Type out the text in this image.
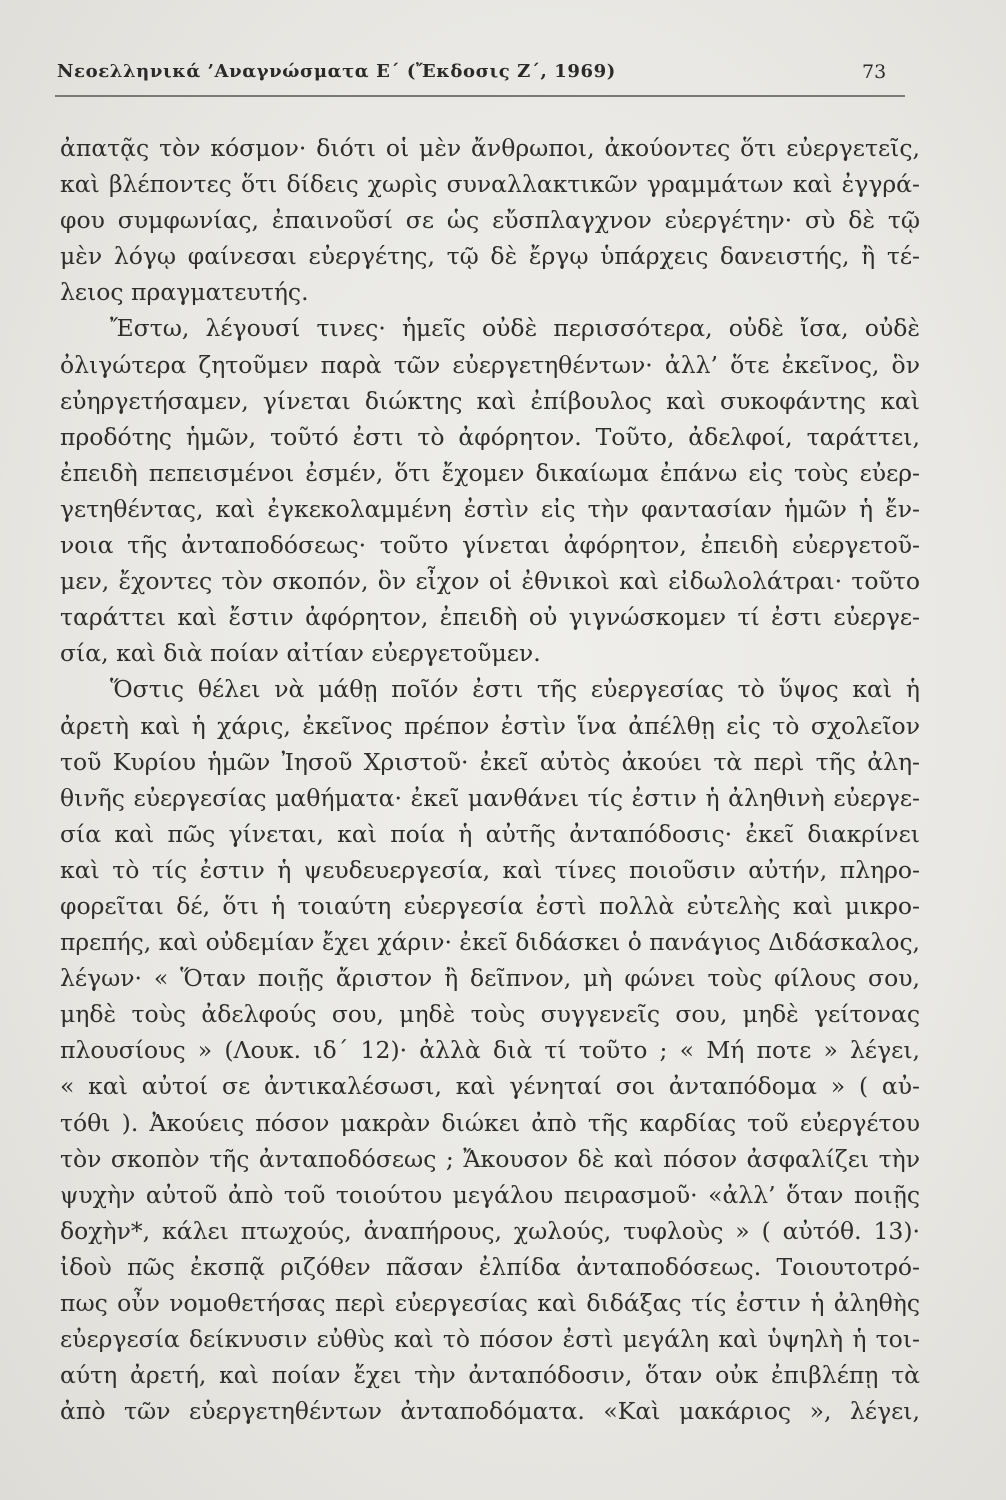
Νεοελληνικά ’Αναγνώσματα Ε΄ (Ἔκδοσις Ζ΄, 1969)	73
ἀπατᾷς τὸν κόσμον· διότι οἱ μὲν ἄνθρωποι, ἀκούοντες ὅτι εὐεργετεῖς,
καὶ βλέποντες ὅτι δίδεις χωρὶς συναλλακτικῶν γραμμάτων καὶ ἐγγρά-
φου συμφωνίας, ἐπαινοῦσί σε ὡς εὔσπλαγχνον εὐεργέτην· σὺ δὲ τῷ
μὲν λόγῳ φαίνεσαι εὐεργέτης, τῷ δὲ ἔργῳ ὑπάρχεις δανειστής, ἢ τέ-
λειος πραγματευτής.
Ἔστω, λέγουσί τινες· ἡμεῖς οὐδὲ περισσότερα, οὐδὲ ἴσα, οὐδὲ
ὀλιγώτερα ζητοῦμεν παρὰ τῶν εὐεργετηθέντων· ἀλλ’ ὅτε ἐκεῖνος, ὃν
εὐηργετήσαμεν, γίνεται διώκτης καὶ ἐπίβουλος καὶ συκοφάντης καὶ
προδότης ἡμῶν, τοῦτό ἐστι τὸ ἀφόρητον. Τοῦτο, ἀδελφοί, ταράττει,
ἐπειδὴ πεπεισμένοι ἐσμέν, ὅτι ἔχομεν δικαίωμα ἐπάνω εἰς τοὺς εὐερ-
γετηθέντας, καὶ ἐγκεκολαμμένη ἐστὶν εἰς τὴν φαντασίαν ἡμῶν ἡ ἔν-
νοια τῆς ἀνταποδόσεως· τοῦτο γίνεται ἀφόρητον, ἐπειδὴ εὐεργετοῦ-
μεν, ἔχοντες τὸν σκοπόν, ὃν εἶχον οἱ ἐθνικοὶ καὶ εἰδωλολάτραι· τοῦτο
ταράττει καὶ ἔστιν ἀφόρητον, ἐπειδὴ οὐ γιγνώσκομεν τί ἐστι εὐεργε-
σία, καὶ διὰ ποίαν αἰτίαν εὐεργετοῦμεν.
Ὅστις θέλει νὰ μάθῃ ποῖόν ἐστι τῆς εὐεργεσίας τὸ ὕψος καὶ ἡ
ἀρετὴ καὶ ἡ χάρις, ἐκεῖνος πρέπον ἐστὶν ἵνα ἀπέλθῃ εἰς τὸ σχολεῖον
τοῦ Κυρίου ἡμῶν Ἰησοῦ Χριστοῦ· ἐκεῖ αὐτὸς ἀκούει τὰ περὶ τῆς ἀλη-
θινῆς εὐεργεσίας μαθήματα· ἐκεῖ μανθάνει τίς ἐστιν ἡ ἀληθινὴ εὐεργε-
σία καὶ πῶς γίνεται, καὶ ποία ἡ αὐτῆς ἀνταπόδοσις· ἐκεῖ διακρίνει
καὶ τὸ τίς ἐστιν ἡ ψευδευεργεσία, καὶ τίνες ποιοῦσιν αὐτήν, πληρο-
φορεῖται δέ, ὅτι ἡ τοιαύτη εὐεργεσία ἐστὶ πολλὰ εὐτελὴς καὶ μικρο-
πρεπής, καὶ οὐδεμίαν ἔχει χάριν· ἐκεῖ διδάσκει ὁ πανάγιος Διδάσκαλος,
λέγων· « Ὅταν ποιῇς ἄριστον ἢ δεῖπνον, μὴ φώνει τοὺς φίλους σου,
μηδὲ τοὺς ἀδελφούς σου, μηδὲ τοὺς συγγενεῖς σου, μηδὲ γείτονας
πλουσίους » (Λουκ. ιδ΄ 12)· ἀλλὰ διὰ τί τοῦτο ; « Μή ποτε » λέγει,
« καὶ αὐτοί σε ἀντικαλέσωσι, καὶ γένηταί σοι ἀνταπόδομα » ( αὐ-
τόθι ). Ἀκούεις πόσον μακρὰν διώκει ἀπὸ τῆς καρδίας τοῦ εὐεργέτου
τὸν σκοπὸν τῆς ἀνταποδόσεως ; Ἄκουσον δὲ καὶ πόσον ἀσφαλίζει τὴν
ψυχὴν αὐτοῦ ἀπὸ τοῦ τοιούτου μεγάλου πειρασμοῦ· «ἀλλ’ ὅταν ποιῇς
δοχὴν*, κάλει πτωχούς, ἀναπήρους, χωλούς, τυφλοὺς » ( αὐτόθ. 13)·
ἰδοὺ πῶς ἐκσπᾷ ριζόθεν πᾶσαν ἐλπίδα ἀνταποδόσεως. Τοιουτοτρό-
πως οὖν νομοθετήσας περὶ εὐεργεσίας καὶ διδάξας τίς ἐστιν ἡ ἀληθὴς
εὐεργεσία δείκνυσιν εὐθὺς καὶ τὸ πόσον ἐστὶ μεγάλη καὶ ὑψηλὴ ἡ τοι-
αύτη ἀρετή, καὶ ποίαν ἔχει τὴν ἀνταπόδοσιν, ὅταν οὐκ ἐπιβλέπῃ τὰ
ἀπὸ τῶν εὐεργετηθέντων ἀνταποδόματα. «Καὶ μακάριος », λέγει,
